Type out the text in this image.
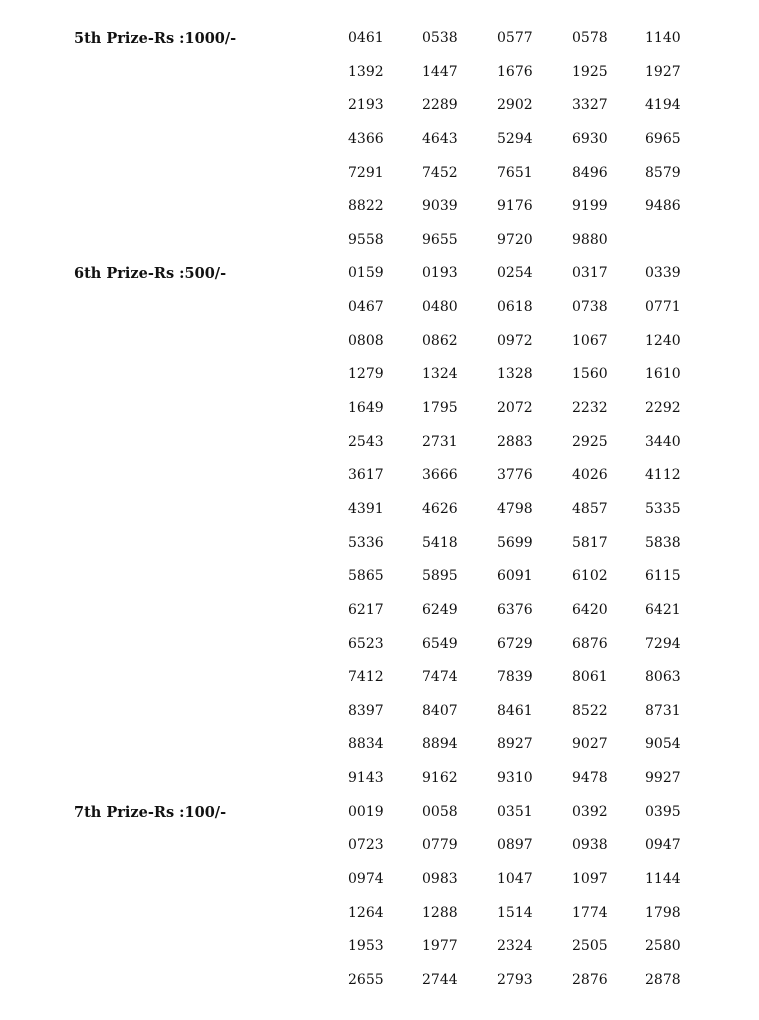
5th Prize-Rs :1000/-	0461	0538	0577	0578	1140
1392	1447	1676	1925	1927
2193	2289	2902	3327	4194
4366	4643	5294	6930	6965
7291	7452	7651	8496	8579
8822	9039	9176	9199	9486
9558	9655	9720	9880
6th Prize-Rs :500/-	0159	0193	0254	0317	0339
0467	0480	0618	0738	0771
0808	0862	0972	1067	1240
1279	1324	1328	1560	1610
1649	1795	2072	2232	2292
2543	2731	2883	2925	3440
3617	3666	3776	4026	4112
4391	4626	4798	4857	5335
5336	5418	5699	5817	5838
5865	5895	6091	6102	6115
6217	6249	6376	6420	6421
6523	6549	6729	6876	7294
7412	7474	7839	8061	8063
8397	8407	8461	8522	8731
8834	8894	8927	9027	9054
9143	9162	9310	9478	9927
7th Prize-Rs :100/-	0019	0058	0351	0392	0395
0723	0779	0897	0938	0947
0974	0983	1047	1097	1144
1264	1288	1514	1774	1798
1953	1977	2324	2505	2580
2655	2744	2793	2876	2878
